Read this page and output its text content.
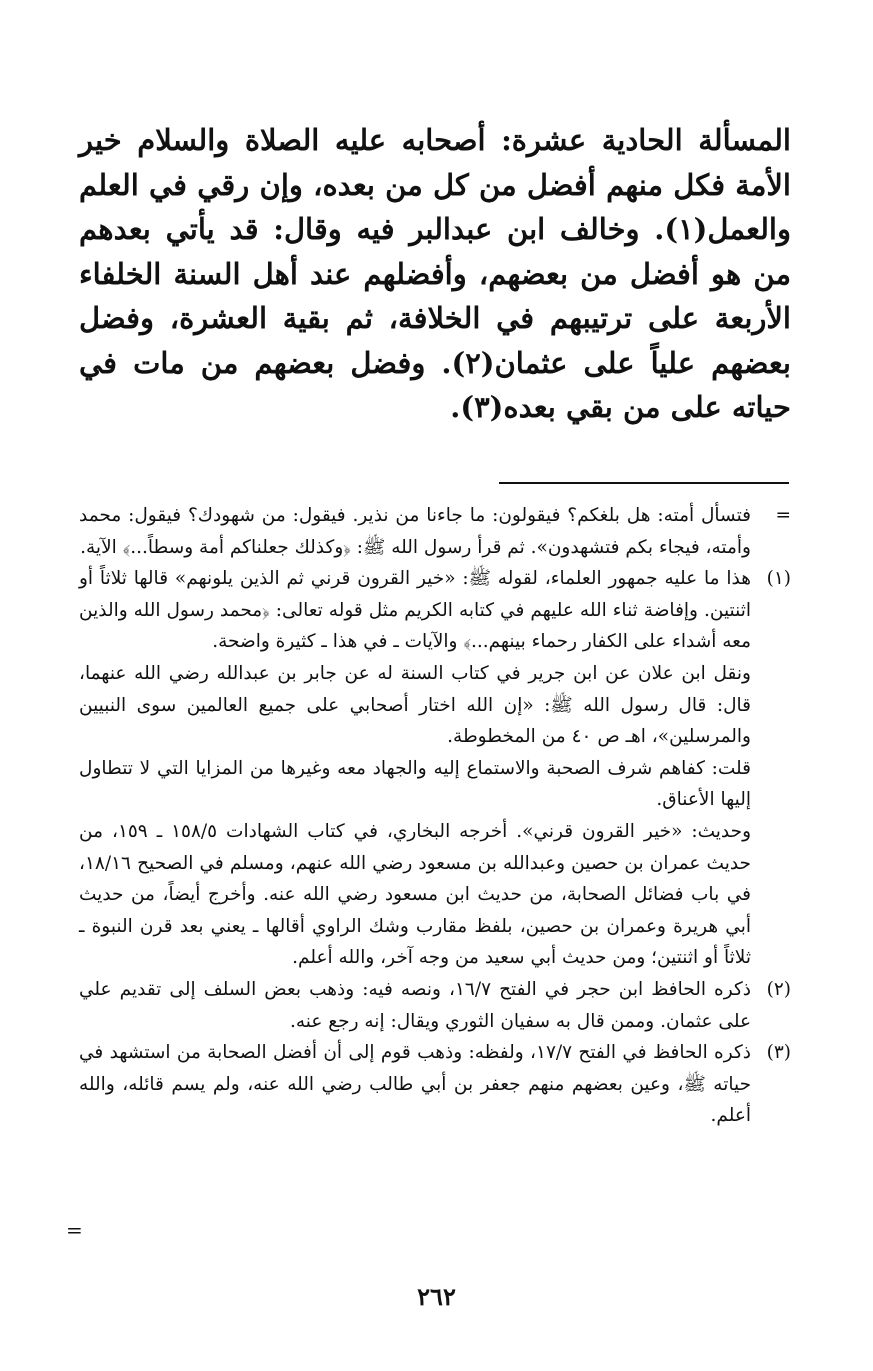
المسألة الحادية عشرة: أصحابه عليه الصلاة والسلام خير الأمة فكل منهم أفضل من كل من بعده، وإن رقي في العلم والعمل(١). وخالف ابن عبدالبر فيه وقال: قد يأتي بعدهم من هو أفضل من بعضهم، وأفضلهم عند أهل السنة الخلفاء الأربعة على ترتيبهم في الخلافة، ثم بقية العشرة، وفضل بعضهم علياً على عثمان(٢). وفضل بعضهم من مات في حياته على من بقي بعده(٣).

=
فتسأل أمته: هل بلغكم؟ فيقولون: ما جاءنا من نذير. فيقول: من شهودك؟ فيقول: محمد وأمته، فيجاء بكم فتشهدون». ثم قرأ رسول الله ﷺ: ﴿وكذلك جعلناكم أمة وسطاً...﴾ الآية.
(١)
هذا ما عليه جمهور العلماء، لقوله ﷺ: «خير القرون قرني ثم الذين يلونهم» قالها ثلاثاً أو اثنتين. وإفاضة ثناء الله عليهم في كتابه الكريم مثل قوله تعالى: ﴿محمد رسول الله والذين معه أشداء على الكفار رحماء بينهم...﴾ والآيات ـ في هذا ـ كثيرة واضحة.
ونقل ابن علان عن ابن جرير في كتاب السنة له عن جابر بن عبدالله رضي الله عنهما، قال: قال رسول الله ﷺ: «إن الله اختار أصحابي على جميع العالمين سوى النبيين والمرسلين»، اهـ ص ٤٠ من المخطوطة.
قلت: كفاهم شرف الصحبة والاستماع إليه والجهاد معه وغيرها من المزايا التي لا تتطاول إليها الأعناق.
وحديث: «خير القرون قرني». أخرجه البخاري، في كتاب الشهادات ١٥٨/٥ ـ ١٥٩، من حديث عمران بن حصين وعبدالله بن مسعود رضي الله عنهم، ومسلم في الصحيح ١٨/١٦، في باب فضائل الصحابة، من حديث ابن مسعود رضي الله عنه. وأخرج أيضاً، من حديث أبي هريرة وعمران بن حصين، بلفظ مقارب وشك الراوي أقالها ـ يعني بعد قرن النبوة ـ ثلاثاً أو اثنتين؛ ومن حديث أبي سعيد من وجه آخر، والله أعلم.
(٢)
ذكره الحافظ ابن حجر في الفتح ١٦/٧، ونصه فيه: وذهب بعض السلف إلى تقديم علي على عثمان. وممن قال به سفيان الثوري ويقال: إنه رجع عنه.
(٣)
ذكره الحافظ في الفتح ١٧/٧، ولفظه: وذهب قوم إلى أن أفضل الصحابة من استشهد في حياته ﷺ، وعين بعضهم منهم جعفر بن أبي طالب رضي الله عنه، ولم يسم قائله، والله أعلم.
=
٢٦٢
